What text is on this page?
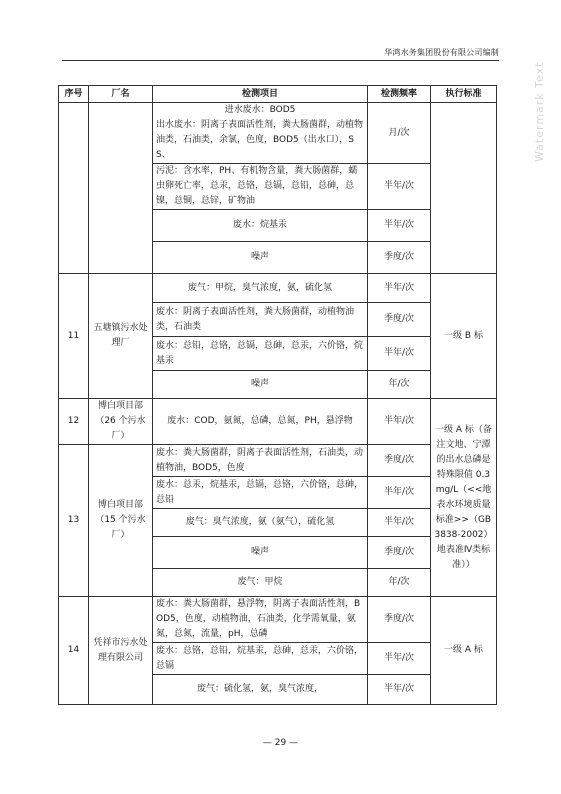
华鸿水务集团股份有限公司编制
Watermark Text
序号	厂名	检测项目	检测频率	执行标准

		进水废水：BOD5
出水废水：阴离子表面活性剂，粪大肠菌群，动植物油类，石油类，余氯，色度，BOD5（出水口），SS、	月/次	
		污泥：含水率，PH、有机物含量，粪大肠菌群，蠕虫卵死亡率，总汞，总铬，总镉，总铅，总砷，总镍，总铜，总锌，矿物油	半年/次	
		废水：烷基汞	半年/次	
		噪声	季度/次	
11	五塘镇污水处理厂	废气：甲烷，臭气浓度，氨，硫化氢	半年/次	一级 B 标
		废水：阴离子表面活性剂，粪大肠菌群，动植物油类，石油类	季度/次	
		废水：总铅，总铬，总镉，总砷，总汞，六价铬，烷基汞	半年/次	
		噪声	年/次	
12	博白项目部（26 个污水厂）	废水：COD，氨氮，总磷，总氮，PH，悬浮物	半年/次	一级 A 标（备注文地、宁潭的出水总磷是特殊限值 0.3mg/L（<<地表水环境质量标准>>（GB3838-2002）地表准Ⅳ类标准））
13	博白项目部（15 个污水厂）	废水：粪大肠菌群，阴离子表面活性剂，石油类，动植物油，BOD5，色度	季度/次	
		废水：总汞，烷基汞，总镉，总铬，六价铬，总砷，总铅	半年/次	
		废气：臭气浓度，氨（氨气），硫化氢	半年/次	
		噪声	季度/次	
		废气：甲烷	年/次	
14	凭祥市污水处理有限公司	废水：粪大肠菌群，悬浮物，阴离子表面活性剂，BOD5，色度，动植物油，石油类，化学需氧量，氨氮，总氮，流量，pH，总磷	季度/次	一级 A 标
		废水：总铬，总铅，烷基汞，总砷，总汞，六价铬，总镉	半年/次	
		废气：硫化氢，氨，臭气浓度，	半年/次	
— 29 —
